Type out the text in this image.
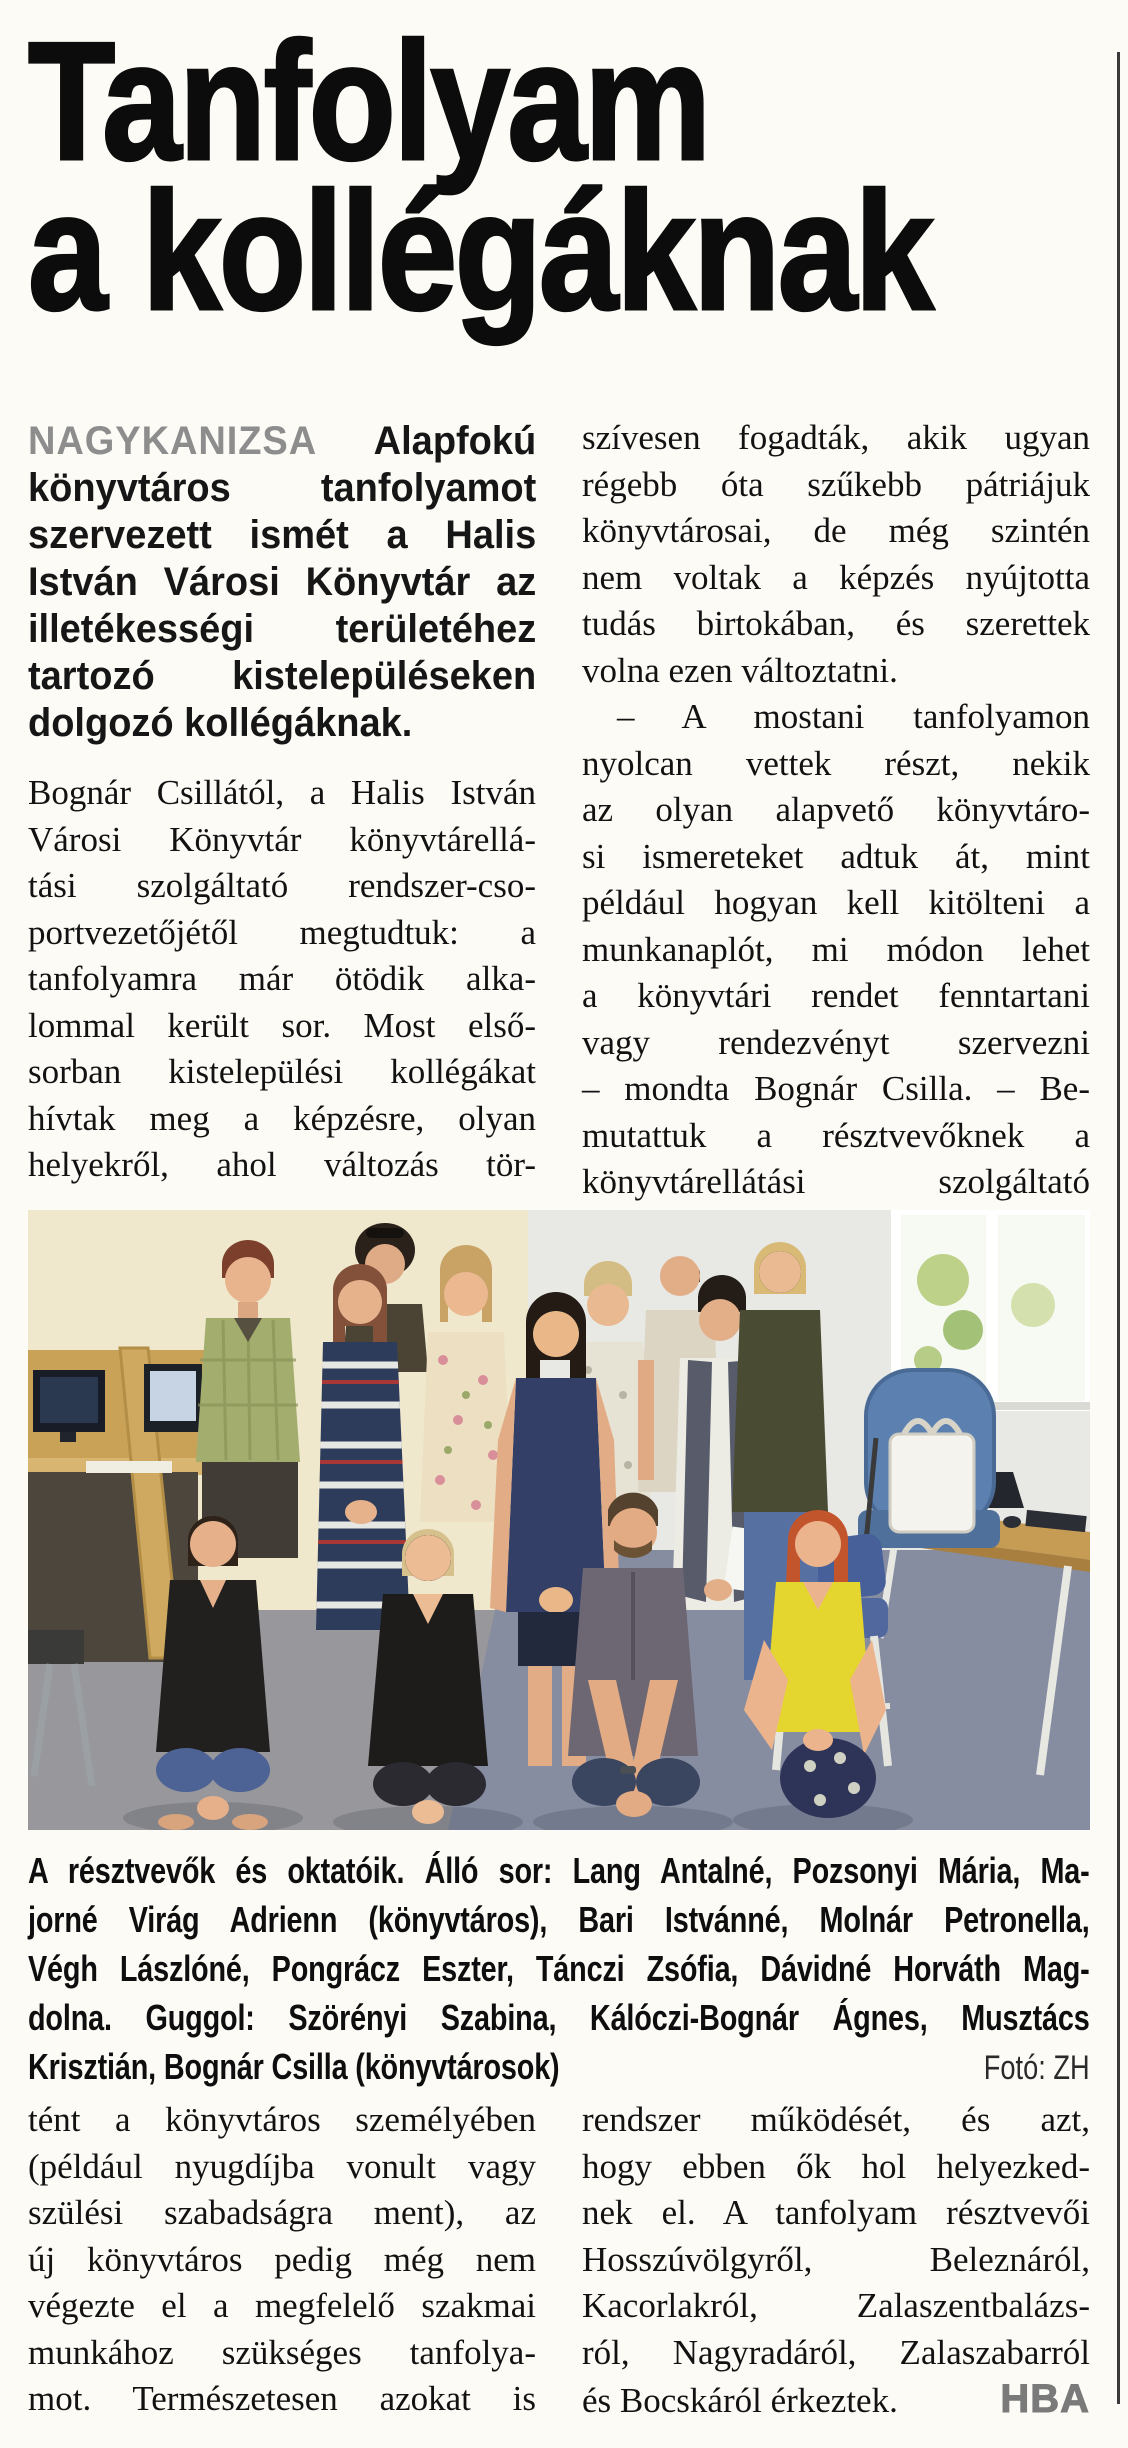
Tanfolyam
a kollégáknak
NAGYKANIZSA Alapfokú
könyvtáros tanfolyamot
szervezett ismét a Halis
István Városi Könyvtár az
illetékességi területéhez
tartozó kistelepüléseken
dolgozó kollégáknak.
Bognár Csillától, a Halis István
Városi Könyvtár könyvtárellá-
tási szolgáltató rendszer-cso-
portvezetőjétől megtudtuk: a
tanfolyamra már ötödik alka-
lommal került sor. Most első-
sorban kistelepülési kollégákat
hívtak meg a képzésre, olyan
helyekről, ahol változás tör-
szívesen fogadták, akik ugyan
régebb óta szűkebb pátriájuk
könyvtárosai, de még szintén
nem voltak a képzés nyújtotta
tudás birtokában, és szerettek
volna ezen változtatni.
 – A mostani tanfolyamon
nyolcan vettek részt, nekik
az olyan alapvető könyvtáro-
si ismereteket adtuk át, mint
például hogyan kell kitölteni a
munkanaplót, mi módon lehet
a könyvtári rendet fenntartani
vagy rendezvényt szervezni
– mondta Bognár Csilla. – Be-
mutattuk a résztvevőknek a
könyvtárellátási szolgáltató
A résztvevők és oktatóik. Álló sor: Lang Antalné, Pozsonyi Mária, Ma-
jorné Virág Adrienn (könyvtáros), Bari Istvánné, Molnár Petronella,
Végh Lászlóné, Pongrácz Eszter, Tánczi Zsófia, Dávidné Horváth Mag-
dolna. Guggol: Szörényi Szabina, Kálóczi-Bognár Ágnes, Musztács
Krisztián, Bognár Csilla (könyvtárosok)	Fotó: ZH
tént a könyvtáros személyében
(például nyugdíjba vonult vagy
szülési szabadságra ment), az
új könyvtáros pedig még nem
végezte el a megfelelő szakmai
munkához szükséges tanfolya-
mot. Természetesen azokat is
rendszer működését, és azt,
hogy ebben ők hol helyezked-
nek el. A tanfolyam résztvevői
Hosszúvölgyről, Beleznáról,
Kacorlakról, Zalaszentbalázs-
ról, Nagyradáról, Zalaszabarról
és Bocskáról érkeztek.	HBA
